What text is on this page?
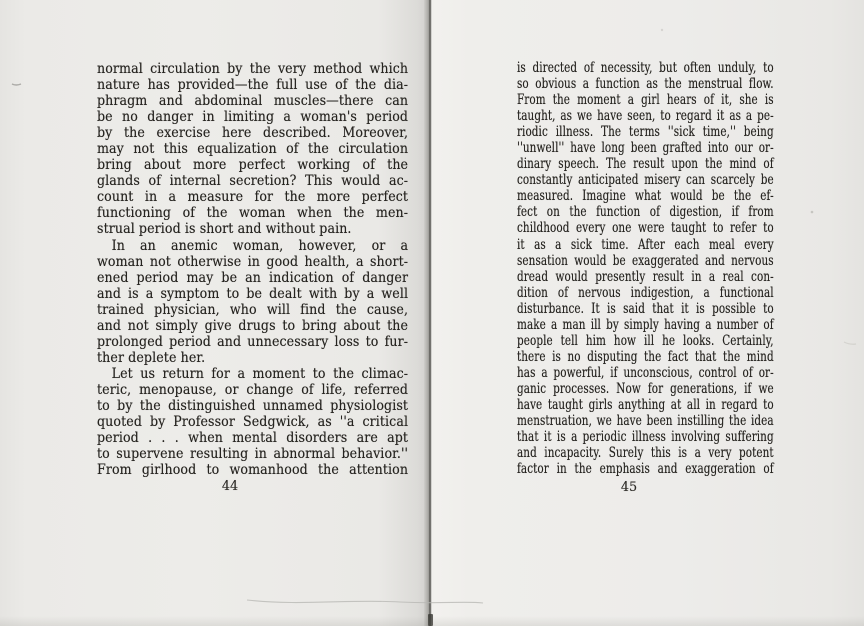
normal circulation by the very method which
nature has provided—the full use of the dia-
phragm and abdominal muscles—there can
be no danger in limiting a woman's period
by the exercise here described. Moreover,
may not this equalization of the circulation
bring about more perfect working of the
glands of internal secretion? This would ac-
count in a measure for the more perfect
functioning of the woman when the men-
strual period is short and without pain.
In an anemic woman, however, or a
woman not otherwise in good health, a short-
ened period may be an indication of danger
and is a symptom to be dealt with by a well
trained physician, who will find the cause,
and not simply give drugs to bring about the
prolonged period and unnecessary loss to fur-
ther deplete her.
Let us return for a moment to the climac-
teric, menopause, or change of life, referred
to by the distinguished unnamed physiologist
quoted by Professor Sedgwick, as ''a critical
period . . . when mental disorders are apt
to supervene resulting in abnormal behavior.''
From girlhood to womanhood the attention
is directed of necessity, but often unduly, to
so obvious a function as the menstrual flow.
From the moment a girl hears of it, she is
taught, as we have seen, to regard it as a pe-
riodic illness. The terms ''sick time,'' being
''unwell'' have long been grafted into our or-
dinary speech. The result upon the mind of
constantly anticipated misery can scarcely be
measured. Imagine what would be the ef-
fect on the function of digestion, if from
childhood every one were taught to refer to
it as a sick time. After each meal every
sensation would be exaggerated and nervous
dread would presently result in a real con-
dition of nervous indigestion, a functional
disturbance. It is said that it is possible to
make a man ill by simply having a number of
people tell him how ill he looks. Certainly,
there is no disputing the fact that the mind
has a powerful, if unconscious, control of or-
ganic processes. Now for generations, if we
have taught girls anything at all in regard to
menstruation, we have been instilling the idea
that it is a periodic illness involving suffering
and incapacity. Surely this is a very potent
factor in the emphasis and exaggeration of
44	45
